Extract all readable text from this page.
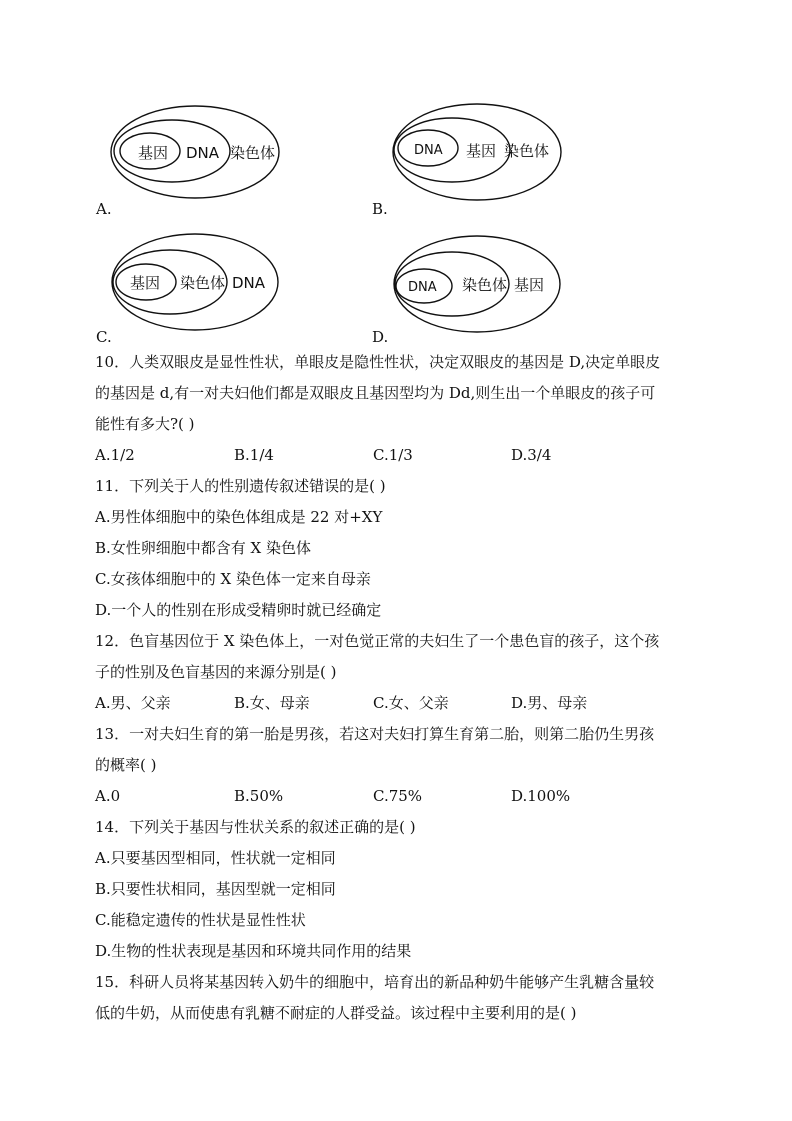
基因 DNA 染色体
A.
DNA 基因 染色体
B.
基因 染色体 DNA
C.
DNA 染色体 基因
D.
10．人类双眼皮是显性性状，单眼皮是隐性性状，决定双眼皮的基因是 D,决定单眼皮
的基因是 d,有一对夫妇他们都是双眼皮且基因型均为 Dd,则生出一个单眼皮的孩子可
能性有多大?( )
A.1/2	B.1/4	C.1/3	D.3/4
11．下列关于人的性别遗传叙述错误的是( )
A.男性体细胞中的染色体组成是 22 对+XY
B.女性卵细胞中都含有 X 染色体
C.女孩体细胞中的 X 染色体一定来自母亲
D.一个人的性别在形成受精卵时就已经确定
12．色盲基因位于 X 染色体上，一对色觉正常的夫妇生了一个患色盲的孩子，这个孩
子的性别及色盲基因的来源分别是( )
A.男、父亲	B.女、母亲	C.女、父亲	D.男、母亲
13．一对夫妇生育的第一胎是男孩，若这对夫妇打算生育第二胎，则第二胎仍生男孩
的概率( )
A.0	B.50%	C.75%	D.100%
14．下列关于基因与性状关系的叙述正确的是( )
A.只要基因型相同，性状就一定相同
B.只要性状相同，基因型就一定相同
C.能稳定遗传的性状是显性性状
D.生物的性状表现是基因和环境共同作用的结果
15．科研人员将某基因转入奶牛的细胞中，培育出的新品种奶牛能够产生乳糖含量较
低的牛奶，从而使患有乳糖不耐症的人群受益。该过程中主要利用的是( )
